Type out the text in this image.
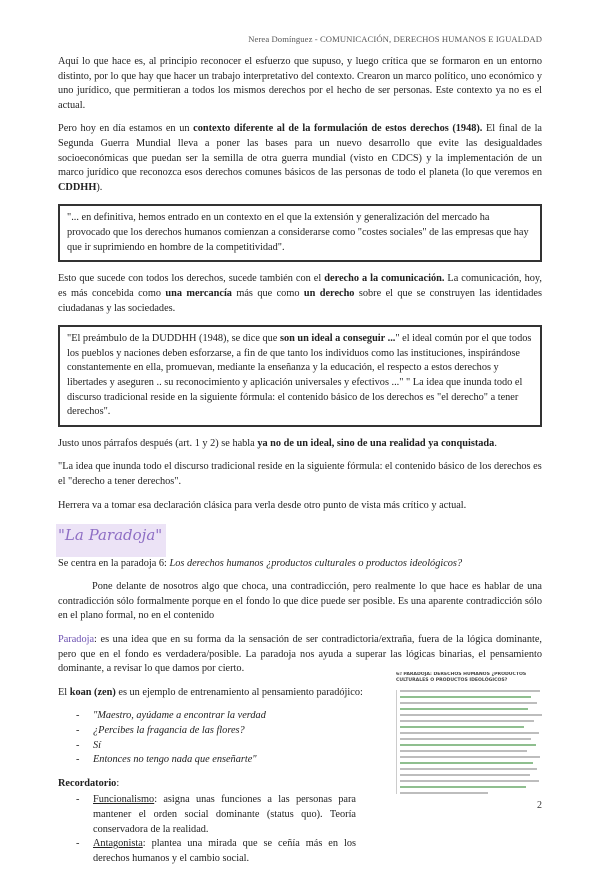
Nerea Domínguez - COMUNICACIÓN, DERECHOS HUMANOS E IGUALDAD

Aquí lo que hace es, al principio reconocer el esfuerzo que supuso, y luego crítica que se formaron en un entorno distinto, por lo que hay que hacer un trabajo interpretativo del contexto. Crearon un marco político, uno económico y uno jurídico, que permitieran a todos los mismos derechos por el hecho de ser personas. Este contexto ya no es el actual.

Pero hoy en día estamos en un contexto diferente al de la formulación de estos derechos (1948). El final de la Segunda Guerra Mundial lleva a poner las bases para un nuevo desarrollo que evite las desigualdades socioeconómicas que puedan ser la semilla de otra guerra mundial (visto en CDCS) y la implementación de un marco jurídico que reconozca esos derechos comunes básicos de las personas de todo el planeta (lo que veremos en CDDHH).

"... en definitiva, hemos entrado en un contexto en el que la extensión y generalización del mercado ha provocado que los derechos humanos comienzan a considerarse como "costes sociales" de las empresas que hay que ir suprimiendo en hombre de la competitividad".

Esto que sucede con todos los derechos, sucede también con el derecho a la comunicación. La comunicación, hoy, es más concebida como una mercancía más que como un derecho sobre el que se construyen las identidades ciudadanas y las sociedades.

"El preámbulo de la DUDDHH (1948), se dice que son un ideal a conseguir ..." el ideal común por el que todos los pueblos y naciones deben esforzarse, a fin de que tanto los individuos como las instituciones, inspirándose constantemente en ella, promuevan, mediante la enseñanza y la educación, el respecto a estos derechos y libertades y aseguren .. su reconocimiento y aplicación universales y efectivos ..." " La idea que inunda todo el discurso tradicional reside en la siguiente fórmula: el contenido básico de los derechos es "el derecho" a tener derechos".

Justo unos párrafos después (art. 1 y 2) se habla ya no de un ideal, sino de una realidad ya conquistada.

"La idea que inunda todo el discurso tradicional reside en la siguiente fórmula: el contenido básico de los derechos es el "derecho a tener derechos".

Herrera va a tomar esa declaración clásica para verla desde otro punto de vista más crítico y actual.

"La Paradoja"

Se centra en la paradoja 6: Los derechos humanos ¿productos culturales o productos ideológicos?

Pone delante de nosotros algo que choca, una contradicción, pero realmente lo que hace es hablar de una contradicción sólo formalmente porque en el fondo lo que dice puede ser posible. Es una aparente contradicción sólo en el plano formal, no en el contenido

Paradoja: es una idea que en su forma da la sensación de ser contradictoria/extraña, fuera de la lógica dominante, pero que en el fondo es verdadera/posible. La paradoja nos ayuda a superar las lógicas binarias, el pensamiento dominante, a revisar lo que damos por cierto.

El koan (zen) es un ejemplo de entrenamiento al pensamiento paradójico:

- "Maestro, ayúdame a encontrar la verdad
- ¿Percibes la fragancia de las flores?
- Sí
- Entonces no tengo nada que enseñarte"

Recordatorio:

- Funcionalismo: asigna unas funciones a las personas para mantener el orden social dominante (status quo). Teoría conservadora de la realidad.
- Antagonista: plantea una mirada que se ceñía más en los derechos humanos y el cambio social.
6ª PARADOJA: DERECHOS HUMANOS ¿PRODUCTOS CULTURALES O PRODUCTOS IDEOLÓGICOS?
2
